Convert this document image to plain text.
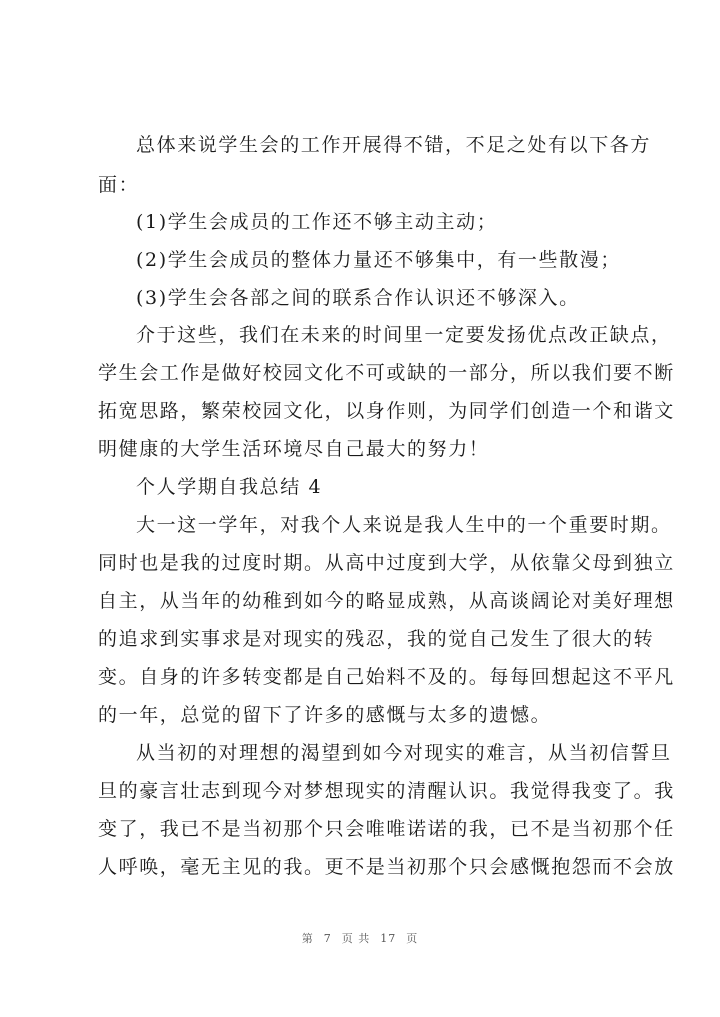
总体来说学生会的工作开展得不错，不足之处有以下各方
面：
(1)学生会成员的工作还不够主动主动；
(2)学生会成员的整体力量还不够集中，有一些散漫；
(3)学生会各部之间的联系合作认识还不够深入。
介于这些，我们在未来的时间里一定要发扬优点改正缺点，
学生会工作是做好校园文化不可或缺的一部分，所以我们要不断
拓宽思路，繁荣校园文化，以身作则，为同学们创造一个和谐文
明健康的大学生活环境尽自己最大的努力！
个人学期自我总结 4
大一这一学年，对我个人来说是我人生中的一个重要时期。
同时也是我的过度时期。从高中过度到大学，从依靠父母到独立
自主，从当年的幼稚到如今的略显成熟，从高谈阔论对美好理想
的追求到实事求是对现实的残忍，我的觉自己发生了很大的转
变。自身的许多转变都是自己始料不及的。每每回想起这不平凡
的一年，总觉的留下了许多的感慨与太多的遗憾。
从当初的对理想的渴望到如今对现实的难言，从当初信誓旦
旦的豪言壮志到现今对梦想现实的清醒认识。我觉得我变了。我
变了，我已不是当初那个只会唯唯诺诺的我，已不是当初那个任
人呼唤，毫无主见的我。更不是当初那个只会感慨抱怨而不会放
第 7 页 共 17 页
